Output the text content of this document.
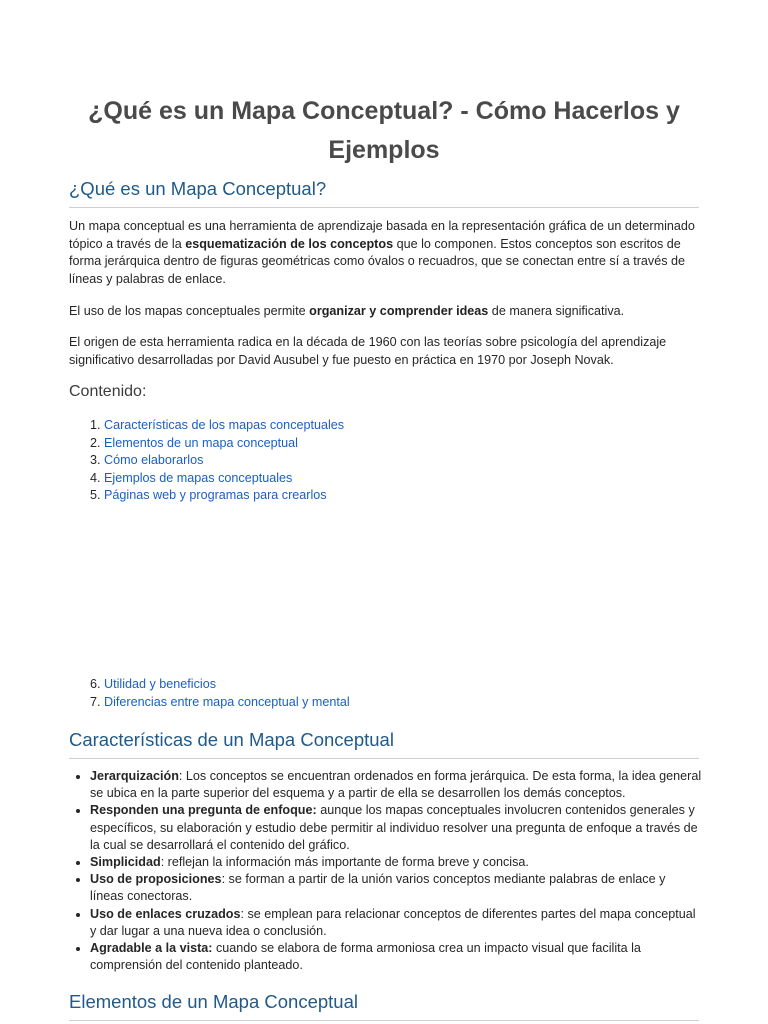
¿Qué es un Mapa Conceptual? - Cómo Hacerlos y Ejemplos
¿Qué es un Mapa Conceptual?

Un mapa conceptual es una herramienta de aprendizaje basada en la representación gráfica de un determinado tópico a través de la esquematización de los conceptos que lo componen. Estos conceptos son escritos de forma jerárquica dentro de figuras geométricas como óvalos o recuadros, que se conectan entre sí a través de líneas y palabras de enlace.

El uso de los mapas conceptuales permite organizar y comprender ideas de manera significativa.

El origen de esta herramienta radica en la década de 1960 con las teorías sobre psicología del aprendizaje significativo desarrolladas por David Ausubel y fue puesto en práctica en 1970 por Joseph Novak.

Contenido:
1. Características de los mapas conceptuales
2. Elementos de un mapa conceptual
3. Cómo elaborarlos
4. Ejemplos de mapas conceptuales
5. Páginas web y programas para crearlos
6. Utilidad y beneficios
7. Diferencias entre mapa conceptual y mental
Características de un Mapa Conceptual
• Jerarquización: Los conceptos se encuentran ordenados en forma jerárquica. De esta forma, la idea general se ubica en la parte superior del esquema y a partir de ella se desarrollen los demás conceptos.
• Responden una pregunta de enfoque: aunque los mapas conceptuales involucren contenidos generales y específicos, su elaboración y estudio debe permitir al individuo resolver una pregunta de enfoque a través de la cual se desarrollará el contenido del gráfico.
• Simplicidad: reflejan la información más importante de forma breve y concisa.
• Uso de proposiciones: se forman a partir de la unión varios conceptos mediante palabras de enlace y líneas conectoras.
• Uso de enlaces cruzados: se emplean para relacionar conceptos de diferentes partes del mapa conceptual y dar lugar a una nueva idea o conclusión.
• Agradable a la vista: cuando se elabora de forma armoniosa crea un impacto visual que facilita la comprensión del contenido planteado.
Elementos de un Mapa Conceptual
